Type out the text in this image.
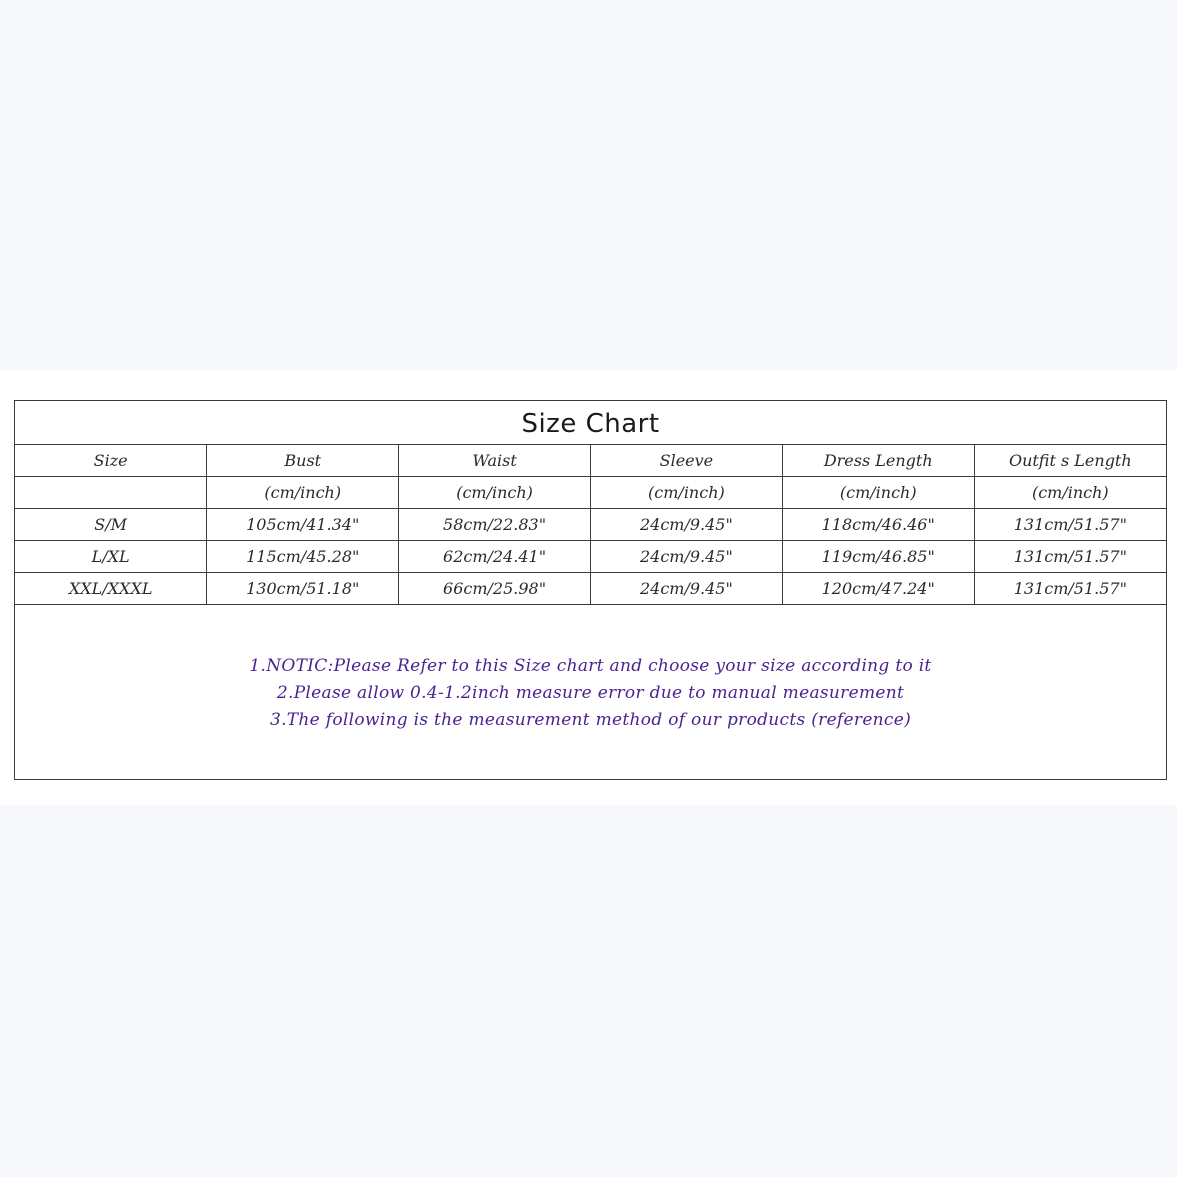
Size Chart
Size	Bust	Waist	Sleeve	Dress Length	Outfit s Length
	(cm/inch)	(cm/inch)	(cm/inch)	(cm/inch)	(cm/inch)
S/M	105cm/41.34"	58cm/22.83"	24cm/9.45"	118cm/46.46"	131cm/51.57"
L/XL	115cm/45.28"	62cm/24.41"	24cm/9.45"	119cm/46.85"	131cm/51.57"
XXL/XXXL	130cm/51.18"	66cm/25.98"	24cm/9.45"	120cm/47.24"	131cm/51.57"
1.NOTIC:Please Refer to this Size chart and choose your size according to it
2.Please allow 0.4-1.2inch measure error due to manual measurement
3.The following is the measurement method of our products (reference)
